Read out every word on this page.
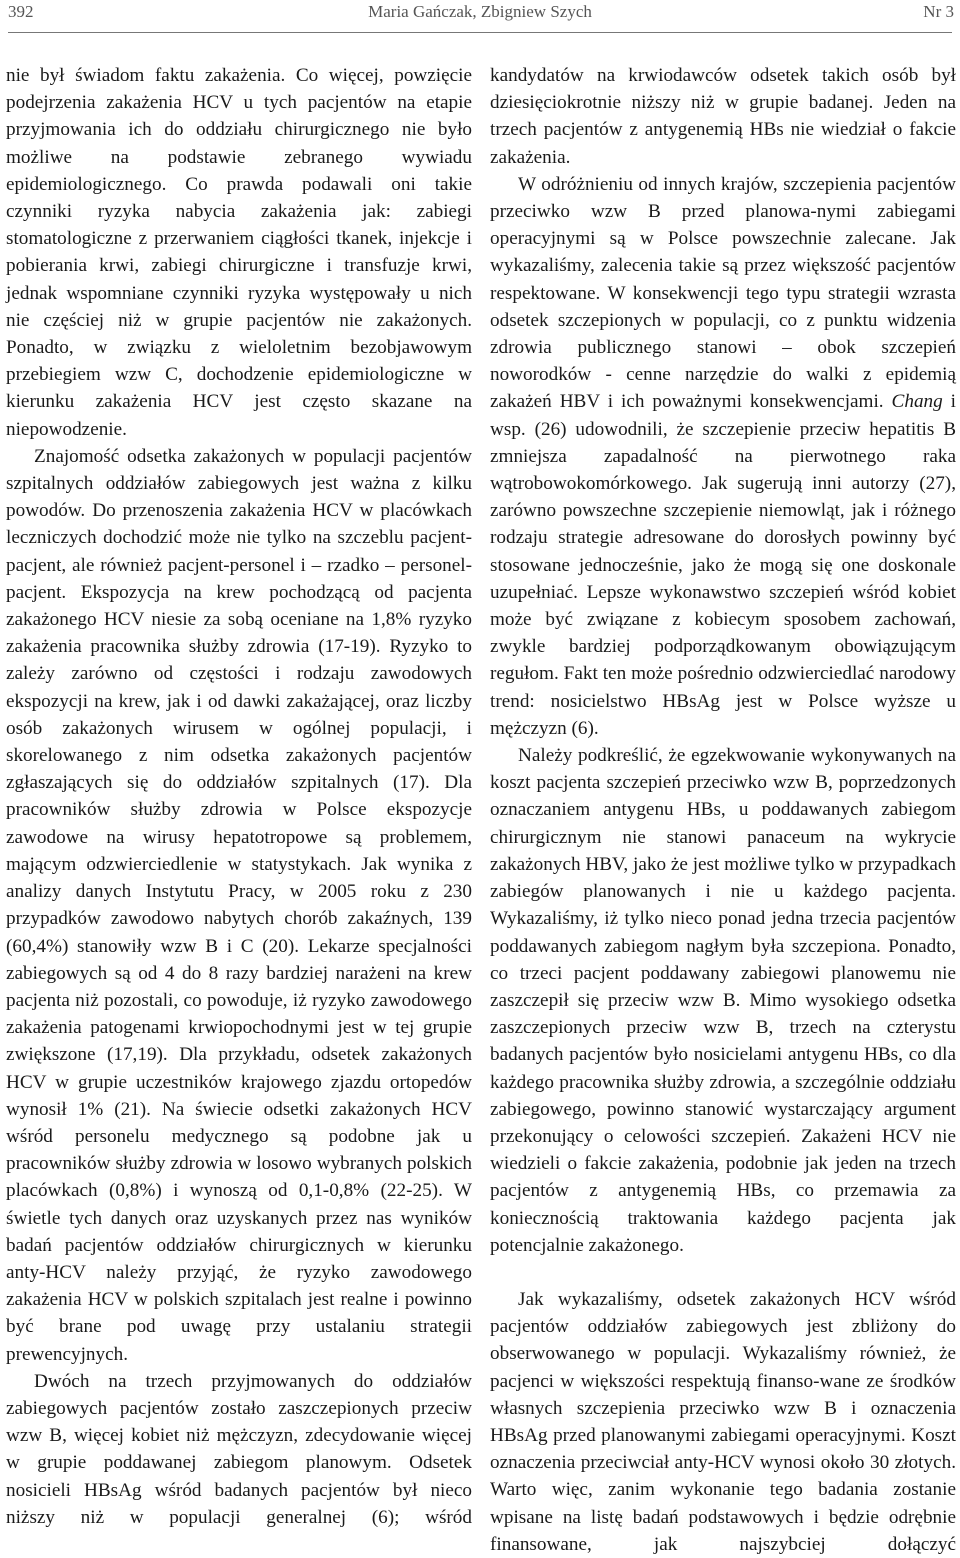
392	Maria Gańczak, Zbigniew Szych	Nr 3

nie był świadom faktu zakażenia. Co więcej, powzięcie podejrzenia zakażenia HCV u tych pacjentów na etapie przyjmowania ich do oddziału chirurgicznego nie było możliwe na podstawie zebranego wywiadu epidemiologicznego. Co prawda podawali oni takie czynniki ryzyka nabycia zakażenia jak: zabiegi stomatologiczne z przerwaniem ciągłości tkanek, injekcje i pobierania krwi, zabiegi chirurgiczne i transfuzje krwi, jednak wspomniane czynniki ryzyka występowały u nich nie częściej niż w grupie pacjentów nie zakażonych. Ponadto, w związku z wieloletnim bezobjawowym przebiegiem wzw C, dochodzenie epidemiologiczne w kierunku zakażenia HCV jest często skazane na niepowodzenie.

Znajomość odsetka zakażonych w populacji pacjentów szpitalnych oddziałów zabiegowych jest ważna z kilku powodów. Do przenoszenia zakażenia HCV w placówkach leczniczych dochodzić może nie tylko na szczeblu pacjent-pacjent, ale również pacjent-personel i – rzadko – personel-pacjent. Ekspozycja na krew pochodzącą od pacjenta zakażonego HCV niesie za sobą oceniane na 1,8% ryzyko zakażenia pracownika służby zdrowia (17-19). Ryzyko to zależy zarówno od częstości i rodzaju zawodowych ekspozycji na krew, jak i od dawki zakażającej, oraz liczby osób zakażonych wirusem w ogólnej populacji, i skorelowanego z nim odsetka zakażonych pacjentów zgłaszających się do oddziałów szpitalnych (17). Dla pracowników służby zdrowia w Polsce ekspozycje zawodowe na wirusy hepatotropowe są problemem, mającym odzwierciedlenie w statystykach. Jak wynika z analizy danych Instytutu Pracy, w 2005 roku z 230 przypadków zawodowo nabytych chorób zakaźnych, 139 (60,4%) stanowiły wzw B i C (20). Lekarze specjalności zabiegowych są od 4 do 8 razy bardziej narażeni na krew pacjenta niż pozostali, co powoduje, iż ryzyko zawodowego zakażenia patogenami krwiopochodnymi jest w tej grupie zwiększone (17,19). Dla przykładu, odsetek zakażonych HCV w grupie uczestników krajowego zjazdu ortopedów wynosił 1% (21). Na świecie odsetki zakażonych HCV wśród personelu medycznego są podobne jak u pracowników służby zdrowia w losowo wybranych polskich placówkach (0,8%) i wynoszą od 0,1-0,8% (22-25). W świetle tych danych oraz uzyskanych przez nas wyników badań pacjentów oddziałów chirurgicznych w kierunku anty-HCV należy przyjąć, że ryzyko zawodowego zakażenia HCV w polskich szpitalach jest realne i powinno być brane pod uwagę przy ustalaniu strategii prewencyjnych.

Dwóch na trzech przyjmowanych do oddziałów zabiegowych pacjentów zostało zaszczepionych przeciw wzw B, więcej kobiet niż mężczyzn, zdecydowanie więcej w grupie poddawanej zabiegom planowym. Odsetek nosicieli HBsAg wśród badanych pacjentów był nieco niższy niż w populacji generalnej (6); wśród

kandydatów na krwiodawców odsetek takich osób był dziesięciokrotnie niższy niż w grupie badanej. Jeden na trzech pacjentów z antygenemią HBs nie wiedział o fakcie zakażenia.

W odróżnieniu od innych krajów, szczepienia pacjentów przeciwko wzw B przed planowa-nymi zabiegami operacyjnymi są w Polsce powszechnie zalecane. Jak wykazaliśmy, zalecenia takie są przez większość pacjentów respektowane. W konsekwencji tego typu strategii wzrasta odsetek szczepionych w populacji, co z punktu widzenia zdrowia publicznego stanowi – obok szczepień noworodków - cenne narzędzie do walki z epidemią zakażeń HBV i ich poważnymi konsekwencjami. Chang i wsp. (26) udowodnili, że szczepienie przeciw hepatitis B zmniejsza zapadalność na pierwotnego raka wątrobowokomórkowego. Jak sugerują inni autorzy (27), zarówno powszechne szczepienie niemowląt, jak i różnego rodzaju strategie adresowane do dorosłych powinny być stosowane jednocześnie, jako że mogą się one doskonale uzupełniać. Lepsze wykonawstwo szczepień wśród kobiet może być związane z kobiecym sposobem zachowań, zwykle bardziej podporządkowanym obowiązującym regułom. Fakt ten może pośrednio odzwierciedlać narodowy trend: nosicielstwo HBsAg jest w Polsce wyższe u mężczyzn (6).

Należy podkreślić, że egzekwowanie wykonywanych na koszt pacjenta szczepień przeciwko wzw B, poprzedzonych oznaczaniem antygenu HBs, u poddawanych zabiegom chirurgicznym nie stanowi panaceum na wykrycie zakażonych HBV, jako że jest możliwe tylko w przypadkach zabiegów planowanych i nie u każdego pacjenta. Wykazaliśmy, iż tylko nieco ponad jedna trzecia pacjentów poddawanych zabiegom nagłym była szczepiona. Ponadto, co trzeci pacjent poddawany zabiegowi planowemu nie zaszczepił się przeciw wzw B. Mimo wysokiego odsetka zaszczepionych przeciw wzw B, trzech na czterystu badanych pacjentów było nosicielami antygenu HBs, co dla każdego pracownika służby zdrowia, a szczególnie oddziału zabiegowego, powinno stanowić wystarczający argument przekonujący o celowości szczepień. Zakażeni HCV nie wiedzieli o fakcie zakażenia, podobnie jak jeden na trzech pacjentów z antygenemią HBs, co przemawia za koniecznością traktowania każdego pacjenta jak potencjalnie zakażonego.

Jak wykazaliśmy, odsetek zakażonych HCV wśród pacjentów oddziałów zabiegowych jest zbliżony do obserwowanego w populacji. Wykazaliśmy również, że pacjenci w większości respektują finanso-wane ze środków własnych szczepienia przeciwko wzw B i oznaczenia HBsAg przed planowanymi zabiegami operacyjnymi. Koszt oznaczenia przeciwciał anty-HCV wynosi około 30 złotych. Warto więc, zanim wykonanie tego badania zostanie wpisane na listę badań podstawowych i będzie odrębnie finansowane, jak najszybciej dołączyć
